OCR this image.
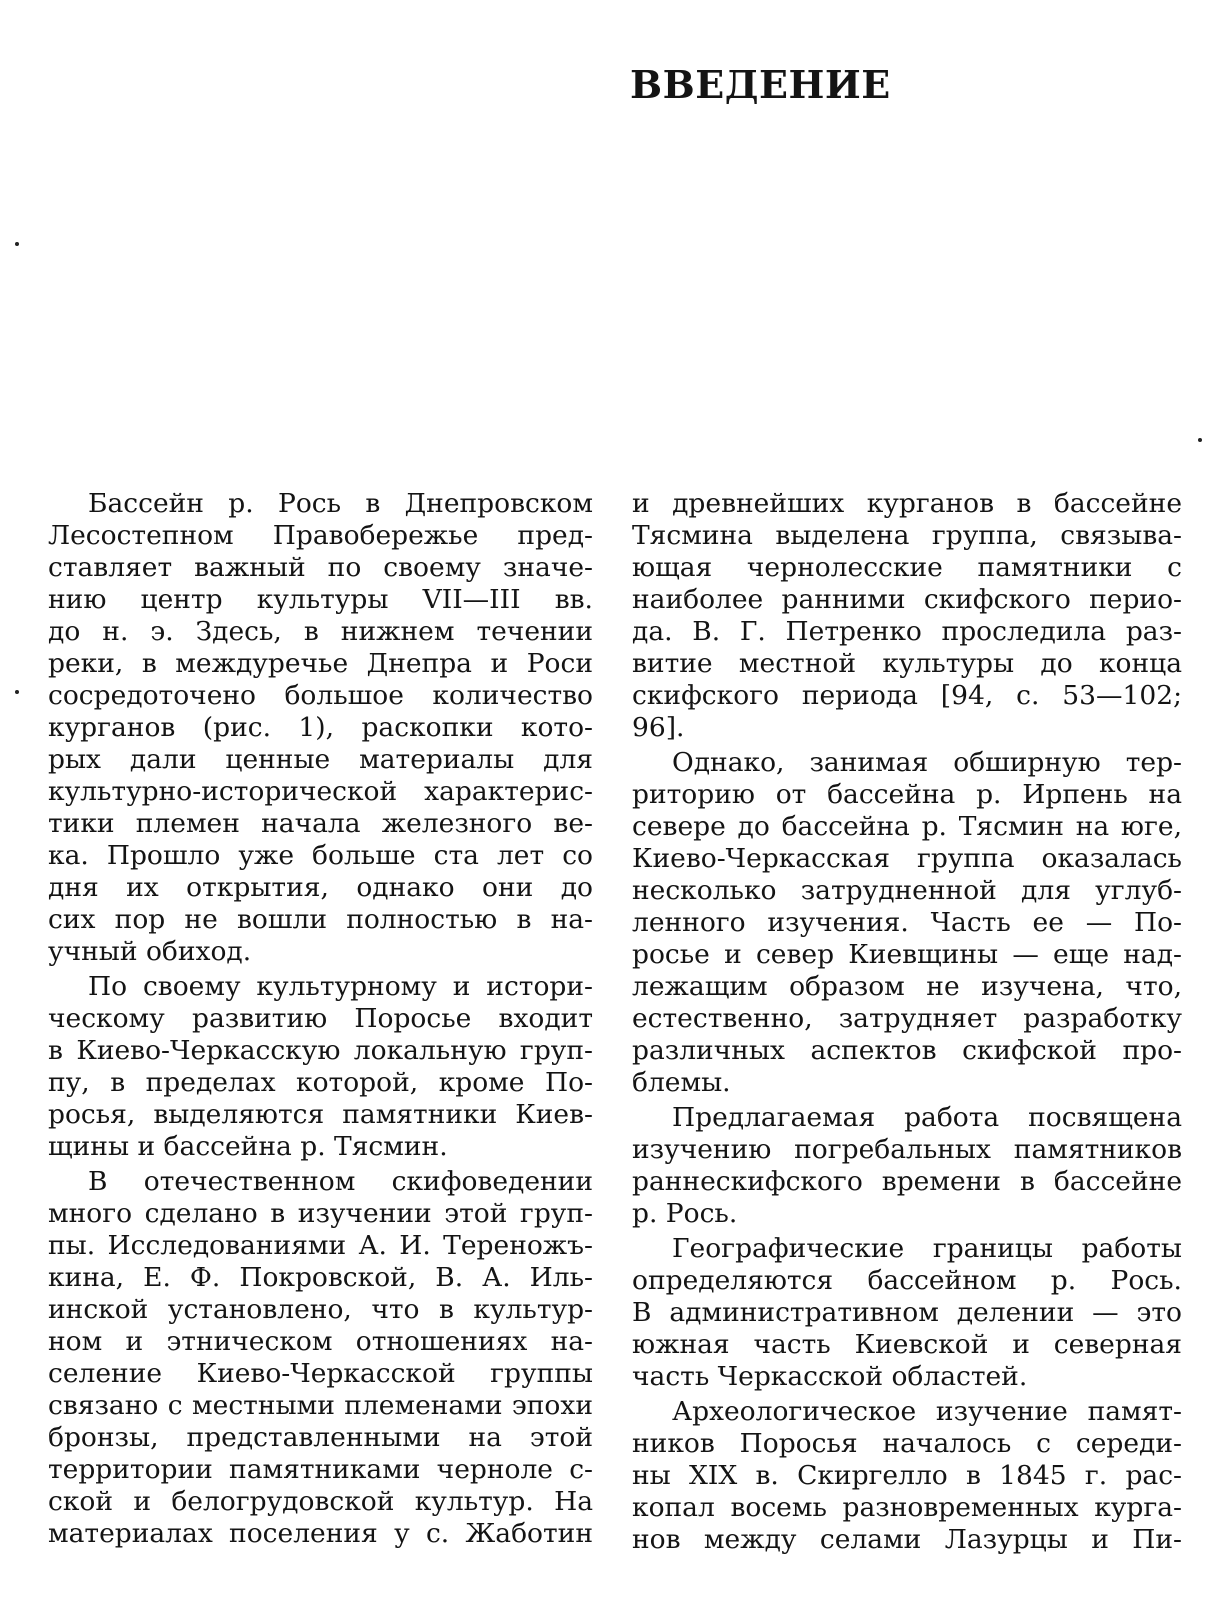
ВВЕДЕНИЕ
Бассейн р. Рось в Днепровском
Лесостепном Правобережье пред-
ставляет важный по своему значе-
нию центр культуры VII—III вв.
до н. э. Здесь, в нижнем течении
реки, в междуречье Днепра и Роси
сосредоточено большое количество
курганов (рис. 1), раскопки кото-
рых дали ценные материалы для
культурно-исторической характерис-
тики племен начала железного ве-
ка. Прошло уже больше ста лет со
дня их открытия, однако они до
сих пор не вошли полностью в на-
учный обиход.
По своему культурному и истори-
ческому развитию Поросье входит
в Киево-Черкасскую локальную груп-
пу, в пределах которой, кроме По-
росья, выделяются памятники Киев-
щины и бассейна р. Тясмин.
В отечественном скифоведении
много сделано в изучении этой груп-
пы. Исследованиями А. И. Тереножъ-
кина, Е. Ф. Покровской, В. А. Иль-
инской установлено, что в культур-
ном и этническом отношениях на-
селение Киево-Черкасской группы
связано с местными племенами эпохи
бронзы, представленными на этой
территории памятниками черноле с-
ской и белогрудовской культур. На
материалах поселения у с. Жаботин
и древнейших курганов в бассейне
Тясмина выделена группа, связыва-
ющая чернолесские памятники с
наиболее ранними скифского перио-
да. В. Г. Петренко проследила раз-
витие местной культуры до конца
скифского периода [94, с. 53—102;
96].
Однако, занимая обширную тер-
риторию от бассейна р. Ирпень на
севере до бассейна р. Тясмин на юге,
Киево-Черкасская группа оказалась
несколько затрудненной для углуб-
ленного изучения. Часть ее — По-
росье и север Киевщины — еще над-
лежащим образом не изучена, что,
естественно, затрудняет разработку
различных аспектов скифской про-
блемы.
Предлагаемая работа посвящена
изучению погребальных памятников
раннескифского времени в бассейне
р. Рось.
Географические границы работы
определяются бассейном р. Рось.
В административном делении — это
южная часть Киевской и северная
часть Черкасской областей.
Археологическое изучение памят-
ников Поросья началось с середи-
ны XIX в. Скиргелло в 1845 г. рас-
копал восемь разновременных курга-
нов между селами Лазурцы и Пи-
